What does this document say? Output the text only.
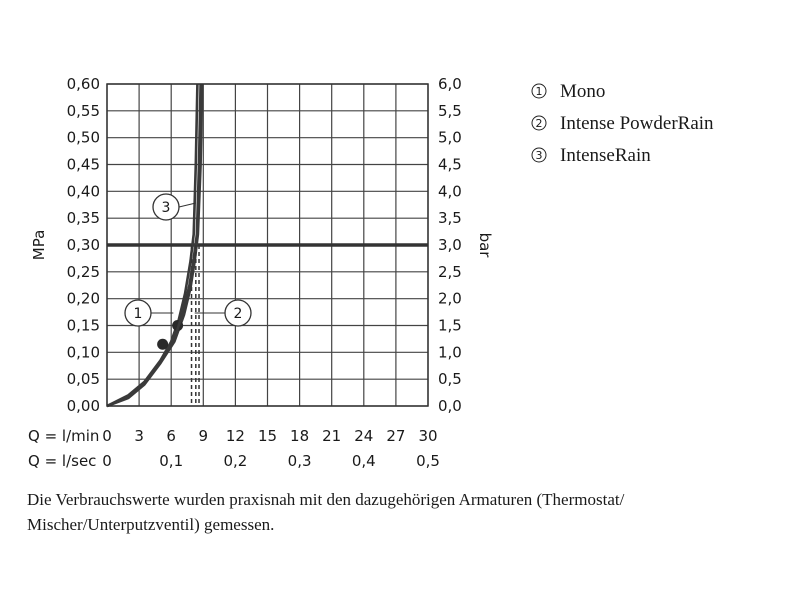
0,00
0,05
0,10
0,15
0,20
0,25
0,30
0,35
0,40
0,45
0,50
0,55
0,60
0,0
0,5
1,0
1,5
2,0
2,5
3,0
3,5
4,0
4,5
5,0
5,5
6,0
0 3 6 9 12 15 18 21 24 27 30
0	0,1	0,2	0,3	0,4	0,5
MPa	bar
Q = l/min
Q = l/sec
1	2
3
1 Mono
2 Intense PowderRain
3 IntenseRain
Die Verbrauchswerte wurden praxisnah mit den dazugehörigen Armaturen (Thermostat/ Mischer/Unterputzventil) gemessen.
